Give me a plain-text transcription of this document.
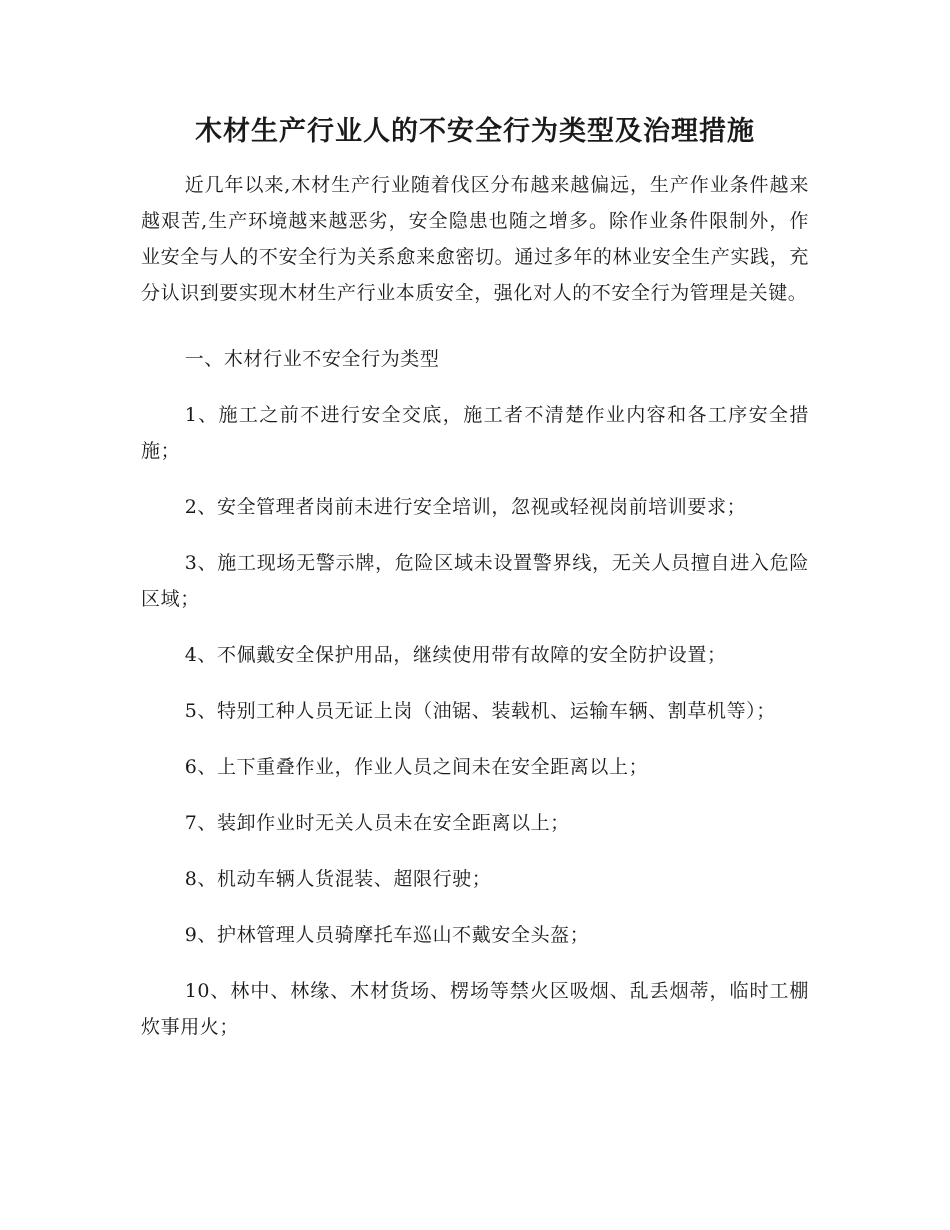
木材生产行业人的不安全行为类型及治理措施

近几年以来,木材生产行业随着伐区分布越来越偏远，生产作业条件越来越艰苦,生产环境越来越恶劣，安全隐患也随之增多。除作业条件限制外，作业安全与人的不安全行为关系愈来愈密切。通过多年的林业安全生产实践，充分认识到要实现木材生产行业本质安全，强化对人的不安全行为管理是关键。

一、木材行业不安全行为类型

1、施工之前不进行安全交底，施工者不清楚作业内容和各工序安全措施；

2、安全管理者岗前未进行安全培训，忽视或轻视岗前培训要求；

3、施工现场无警示牌，危险区域未设置警界线，无关人员擅自进入危险区域；

4、不佩戴安全保护用品，继续使用带有故障的安全防护设置；

5、特别工种人员无证上岗（油锯、装载机、运输车辆、割草机等）；

6、上下重叠作业，作业人员之间未在安全距离以上；

7、装卸作业时无关人员未在安全距离以上；

8、机动车辆人货混装、超限行驶；

9、护林管理人员骑摩托车巡山不戴安全头盔；

10、林中、林缘、木材货场、楞场等禁火区吸烟、乱丢烟蒂，临时工棚炊事用火；
